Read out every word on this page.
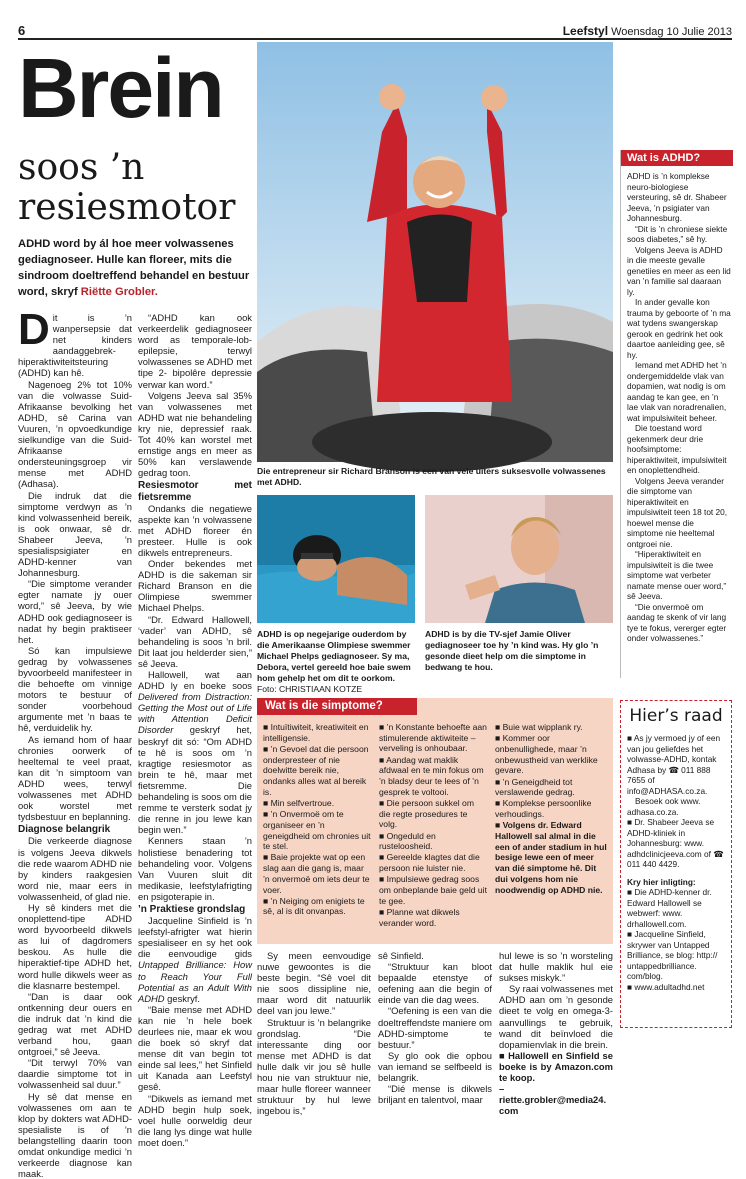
6	Leefstyl Woensdag 10 Julie 2013
Brein
soos ’n
resiesmotor
ADHD word by ál hoe meer volwassenes gediagnoseer. Hulle kan floreer, mits die sindroom doeltreffend behandel en bestuur word, skryf Riëtte Grobler.
Die entrepreneur sir Richard Branson is een van vele uiters suksesvolle volwassenes met ADHD.
ADHD is op negejarige ouderdom by die Amerikaanse Olimpiese swemmer Michael Phelps gediagnoseer. Sy ma, Debora, vertel gereeld hoe baie swem hom gehelp het om dit te oorkom. Foto: CHRISTIAAN KOTZE
ADHD is by die TV-sjef Jamie Oliver gediagnoseer toe hy ’n kind was. Hy glo ’n gesonde dieet help om die simptome in bedwang te hou.
D it is ’n wanpersepsie dat net kinders aandaggebrek-hiperaktiwiteitsteuring (ADHD) kan hê.

Nagenoeg 2% tot 10% van die volwasse Suid-Afrikaanse bevolking het ADHD, sê Carina van Vuuren, ’n opvoedkundige sielkundige van die Suid-Afrikaanse ondersteuningsgroep vir mense met ADHD (Adhasa).

Die indruk dat die simptome verdwyn as ’n kind volwassenheid bereik, is ook onwaar, sê dr. Shabeer Jeeva, ’n spesialispsigiater en ADHD-kenner van Johannesburg.

“Die simptome verander egter namate jy ouer word,” sê Jeeva, by wie ADHD ook gediagnoseer is nadat hy begin praktiseer het.

Só kan impulsiewe gedrag by volwassenes byvoorbeeld manifesteer in die behoefte om vinnige motors te bestuur of sonder voorbehoud argumente met ’n baas te hê, verduidelik hy.

As iemand hom of haar chronies oorwerk of heeltemal te veel praat, kan dit ’n simptoom van ADHD wees, terwyl volwassenes met ADHD ook worstel met tydsbestuur en beplanning.

Diagnose belangrik

Die verkeerde diagnose is volgens Jeeva dikwels die rede waarom ADHD nie by kinders raakgesien word nie, maar eers in volwassenheid, of glad nie.

Hy sê kinders met die onoplettend-tipe ADHD word byvoorbeeld dikwels as lui of dagdromers beskou. As hulle die hiperaktief-tipe ADHD het, word hulle dikwels weer as die klasnarre bestempel.

“Dan is daar ook ontkenning deur ouers en die indruk dat ’n kind die gedrag wat met ADHD verband hou, gaan ontgroei,” sê Jeeva.

“Dit terwyl 70% van daardie simptome tot in volwassenheid sal duur.”

Hy sê dat mense en volwassenes om aan te klop by dokters wat ADHD-spesialiste is of ’n belangstelling daarin toon omdat onkundige medici ’n verkeerde diagnose kan maak.

“ADHD kan ook verkeerdelik gediagnoseer word as temporale-lob-epilepsie, terwyl volwassenes se ADHD met tipe 2- bipolêre depressie verwar kan word.”

Volgens Jeeva sal 35% van volwassenes met ADHD wat nie behandeling kry nie, depressief raak. Tot 40% kan worstel met ernstige angs en meer as 50% kan verslawende gedrag toon.

Resiesmotor met fietsremme

Ondanks die negatiewe aspekte kan ’n volwassene met ADHD floreer én presteer. Hulle is ook dikwels entrepreneurs.

Onder bekendes met ADHD is die sakeman sir Richard Branson en die Olimpiese swemmer Michael Phelps.

“Dr. Edward Hallowell, ‘vader’ van ADHD, sê behandeling is soos ’n bril. Dit laat jou helderder sien,” sê Jeeva.

Hallowell, wat aan ADHD ly en boeke soos Delivered from Distraction: Getting the Most out of Life with Attention Deficit Disorder geskryf het, beskryf dit só: “Om ADHD te hê is soos om ’n kragtige resiesmotor as brein te hê, maar met fietsremme. Die behandeling is soos om die remme te versterk sodat jy die renne in jou lewe kan begin wen.”

Kenners staan ’n holistiese benadering tot behandeling voor. Volgens Van Vuuren sluit dit medikasie, leefstylafrigting en psigoterapie in.

’n Praktiese grondslag

Jacqueline Sinfield is ’n leefstyl-afrigter wat hierin spesialiseer en sy het ook die eenvoudige gids Untapped Brilliance: How to Reach Your Full Potential as an Adult With ADHD geskryf.

“Baie mense met ADHD kan nie ’n hele boek deurlees nie, maar ek wou die boek só skryf dat mense dit van begin tot einde sal lees,” het Sinfield uit Kanada aan Leefstyl gesê.

“Dikwels as iemand met ADHD begin hulp soek, voel hulle oorweldig deur die lang lys dinge wat hulle moet doen.”

Wat is ADHD?

ADHD is ’n komplekse neuro-biologiese versteuring, sê dr. Shabeer Jeeva, ’n psigiater van Johannesburg.

“Dit is ’n chroniese siekte soos diabetes,” sê hy.

Volgens Jeeva is ADHD in die meeste gevalle genetiies en meer as een lid van ’n familie sal daaraan ly.

In ander gevalle kon trauma by geboorte of ’n ma wat tydens swangerskap gerook en gedrink het ook daartoe aanleiding gee, sê hy.

Iemand met ADHD het ’n ondergemiddelde vlak van dopamien, wat nodig is om aandag te kan gee, en ’n lae vlak van noradrenalien, wat impulsiwiteit beheer.

Die toestand word gekenmerk deur drie hoofsimptome: hiperaktiwiteit, impulsiwiteit en onoplettendheid.

Volgens Jeeva verander die simptome van hiperaktiwiteit en impulsiwiteit teen 18 tot 20, hoewel mense die simptome nie heeltemal ontgroei nie.

“Hiperaktiwiteit en impulsiwiteit is die twee simptome wat verbeter namate mense ouer word,” sê Jeeva.

“Die onvermoë om aandag te skenk of vir lang tye te fokus, vererger egter onder volwassenes.”

Hier’s raad

■ As jy vermoed jy of een van jou geliefdes het volwasse-ADHD, kontak Adhasa by ☎ 011 888 7655 of info@ADHASA.co.za.

Besoek ook www. adhasa.co.za.

■ Dr. Shabeer Jeeva se ADHD-kliniek in Johannesburg: www. adhdclinicjeeva.com of ☎ 011 440 4429.

Kry hier inligting:

■ Die ADHD-kenner dr. Edward Hallowell se webwerf: www. drhallowell.com.

■ Jacqueline Sinfield, skrywer van Untapped Brilliance, se blog: http:// untappedbrilliance. com/blog.

■ www.adultadhd.net

Wat is die simptome?
■ Intuïtiwiteit, kreatiwiteit en intelligensie.
■ ’n Gevoel dat die persoon onderpresteer of nie doelwitte bereik nie, ondanks alles wat al bereik is.
■ Min selfvertroue.
■ ’n Onvermoë om te organiseer en ’n geneigdheid om chronies uit te stel.
■ Baie projekte wat op een slag aan die gang is, maar ’n onvermoë om iets deur te voer.
■ ’n Neiging om enigiets te sê, al is dit onvanpas.
■ ’n Konstante behoefte aan stimulerende aktiwiteite – verveling is onhoubaar.
■ Aandag wat maklik afdwaal en te min fokus om ’n bladsy deur te lees of ’n gesprek te voltooi.
■ Die persoon sukkel om die regte prosedures te volg.
■ Ongeduld en rusteloosheid.
■ Gereelde klagtes dat die persoon nie luister nie.
■ Impulsiewe gedrag soos om onbeplande baie geld uit te gee.
■ Planne wat dikwels verander word.
■ Buie wat wipplank ry.
■ Kommer oor onbenullighede, maar ’n onbewustheid van werklike gevare.
■ ’n Geneigdheid tot verslawende gedrag.
■ Komplekse persoonlike verhoudings.
■ Volgens dr. Edward Hallowell sal almal in die een of ander stadium in hul besige lewe een of meer van dié simptome hê. Dit dui volgens hom nie noodwendig op ADHD nie.

Sy meen eenvoudige nuwe gewoontes is die beste begin. “Sê voel dit nie soos dissipline nie, maar word dit natuurlik deel van jou lewe.”

Struktuur is ’n belangrike grondslag. “Die interessante ding oor mense met ADHD is dat hulle dalk vir jou sê hulle hou nie van struktuur nie, maar hulle floreer wanneer struktuur by hul lewe ingebou is,”

sê Sinfield.

“Struktuur kan bloot bepaalde etenstye of oefening aan die begin of einde van die dag wees.

“Oefening is een van die doeltreffendste maniere om ADHD-simptome te bestuur.”

Sy glo ook die opbou van iemand se selfbeeld is belangrik.

“Dié mense is dikwels briljant en talentvol, maar

hul lewe is so ’n worsteling dat hulle maklik hul eie sukses miskyk.”

Sy raai volwassenes met ADHD aan om ’n gesonde dieet te volg en omega-3-aanvullings te gebruik, wand dit beïnvloed die dopamienvlak in die brein.

■ Hallowell en Sinfield se boeke is by Amazon.com te koop.

– riette.grobler@media24. com
